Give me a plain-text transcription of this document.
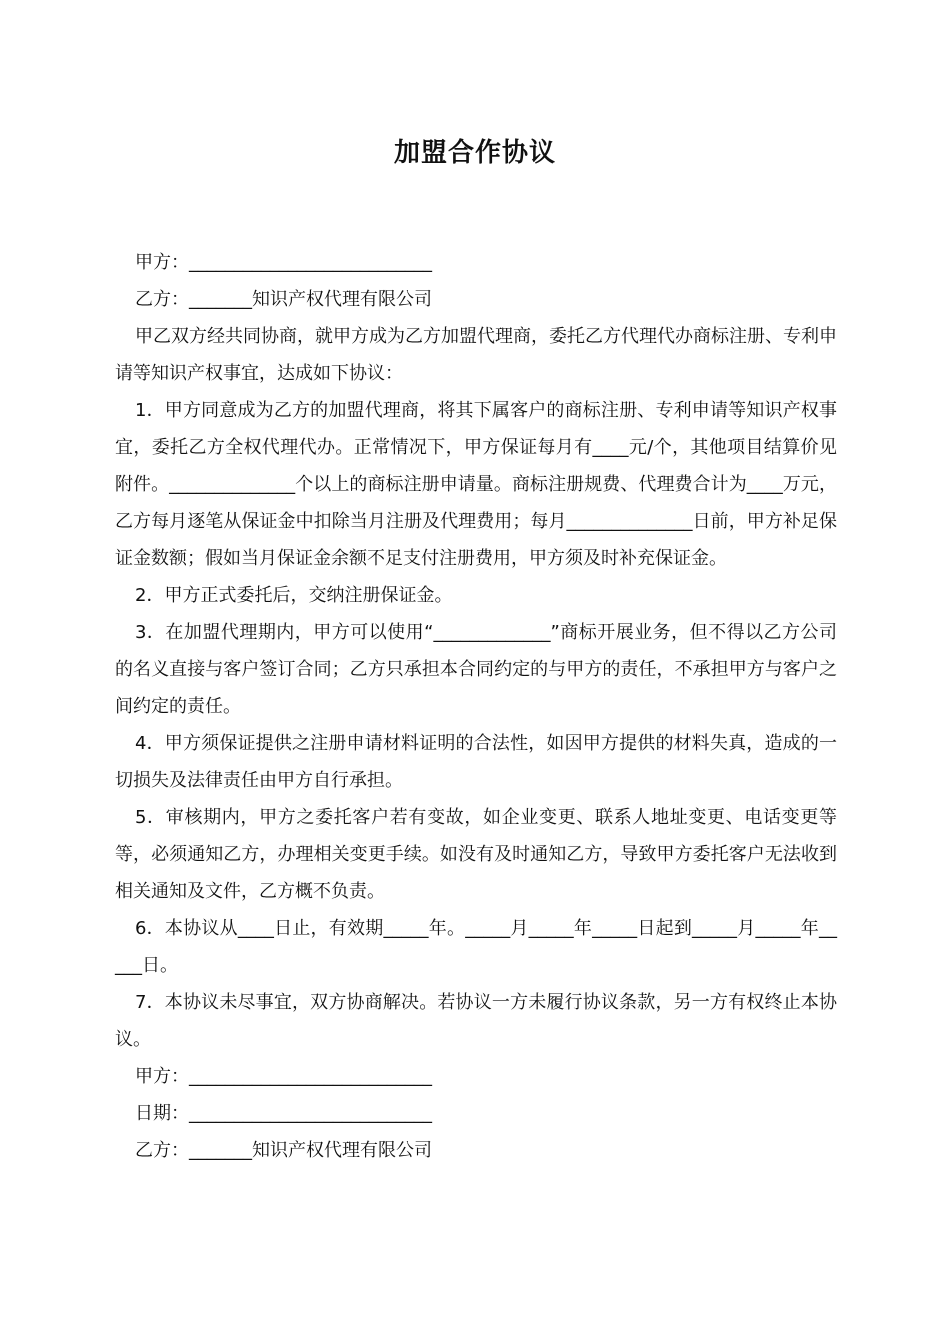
加盟合作协议

甲方：___________________________

乙方：_______知识产权代理有限公司

甲乙双方经共同协商，就甲方成为乙方加盟代理商，委托乙方代理代办商标注册、专利申请等知识产权事宜，达成如下协议：

1．甲方同意成为乙方的加盟代理商，将其下属客户的商标注册、专利申请等知识产权事宜，委托乙方全权代理代办。正常情况下，甲方保证每月有____元/个，其他项目结算价见附件。______________个以上的商标注册申请量。商标注册规费、代理费合计为____万元，乙方每月逐笔从保证金中扣除当月注册及代理费用；每月______________日前，甲方补足保证金数额；假如当月保证金余额不足支付注册费用，甲方须及时补充保证金。

2．甲方正式委托后，交纳注册保证金。

3．在加盟代理期内，甲方可以使用“_____________”商标开展业务，但不得以乙方公司的名义直接与客户签订合同；乙方只承担本合同约定的与甲方的责任，不承担甲方与客户之间约定的责任。

4．甲方须保证提供之注册申请材料证明的合法性，如因甲方提供的材料失真，造成的一切损失及法律责任由甲方自行承担。

5．审核期内，甲方之委托客户若有变故，如企业变更、联系人地址变更、电话变更等等，必须通知乙方，办理相关变更手续。如没有及时通知乙方，导致甲方委托客户无法收到相关通知及文件，乙方概不负责。

6．本协议从____日止，有效期_____年。_____月_____年_____日起到_____月_____年_____日。

7．本协议未尽事宜，双方协商解决。若协议一方未履行协议条款，另一方有权终止本协议。

甲方：___________________________

日期：___________________________

乙方：_______知识产权代理有限公司
